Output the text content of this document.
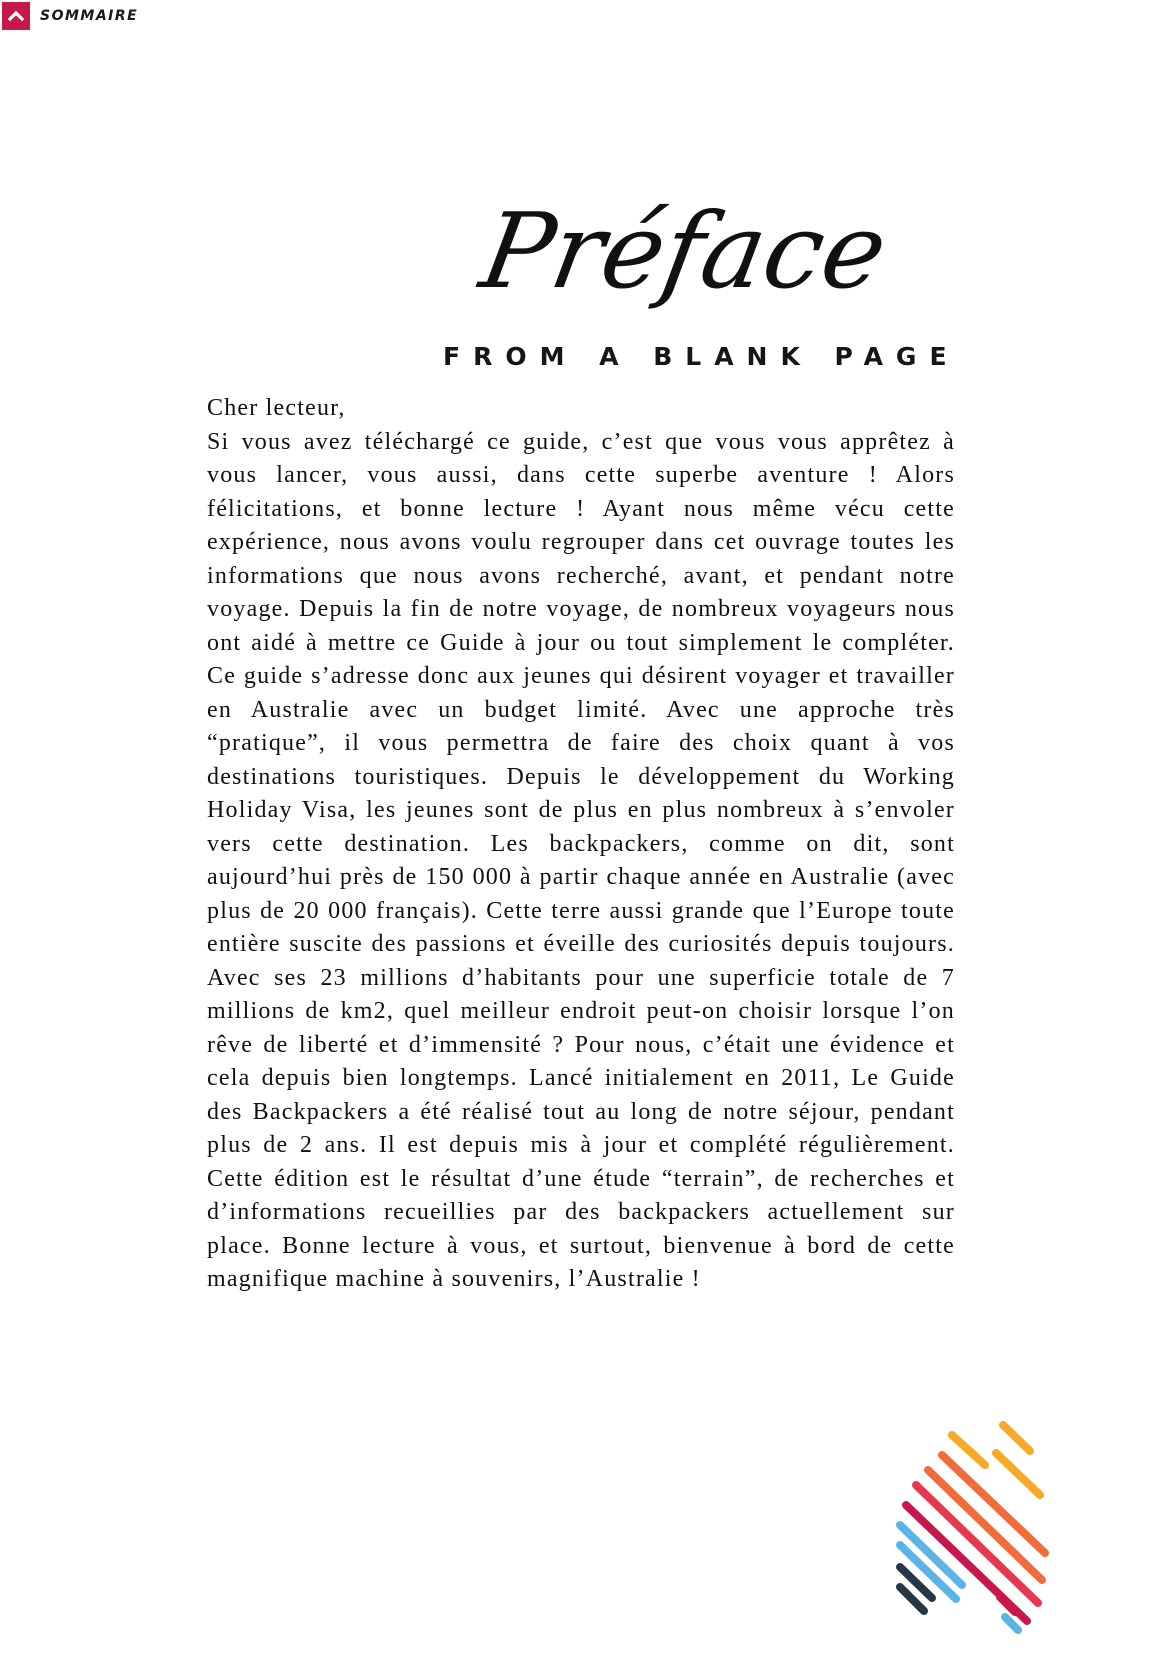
SOMMAIRE
Préface
FROM A BLANK PAGE

Cher lecteur,

Si vous avez téléchargé ce guide, c’est que vous vous apprêtez à vous lancer, vous aussi, dans cette superbe aventure ! Alors félicitations, et bonne lecture ! Ayant nous même vécu cette expérience, nous avons voulu regrouper dans cet ouvrage toutes les informations que nous avons recherché, avant, et pendant notre voyage. Depuis la fin de notre voyage, de nombreux voyageurs nous ont aidé à mettre ce Guide à jour ou tout simplement le compléter. Ce guide s’adresse donc aux jeunes qui désirent voyager et travailler en Australie avec un budget limité. Avec une approche très “pratique”, il vous permettra de faire des choix quant à vos destinations touristiques. Depuis le développement du Working Holiday Visa, les jeunes sont de plus en plus nombreux à s’envoler vers cette destination. Les backpackers, comme on dit, sont aujourd’hui près de 150 000 à partir chaque année en Australie (avec plus de 20 000 français). Cette terre aussi grande que l’Europe toute entière suscite des passions et éveille des curiosités depuis toujours. Avec ses 23 millions d’habitants pour une superficie totale de 7 millions de km2, quel meilleur endroit peut-on choisir lorsque l’on rêve de liberté et d’immensité ? Pour nous, c’était une évidence et cela depuis bien longtemps. Lancé initialement en 2011, Le Guide des Backpackers a été réalisé tout au long de notre séjour, pendant plus de 2 ans. Il est depuis mis à jour et complété régulièrement. Cette édition est le résultat d’une étude “terrain”, de recherches et d’informations recueillies par des backpackers actuellement sur place. Bonne lecture à vous, et surtout, bienvenue à bord de cette magnifique machine à souvenirs, l’Australie !
